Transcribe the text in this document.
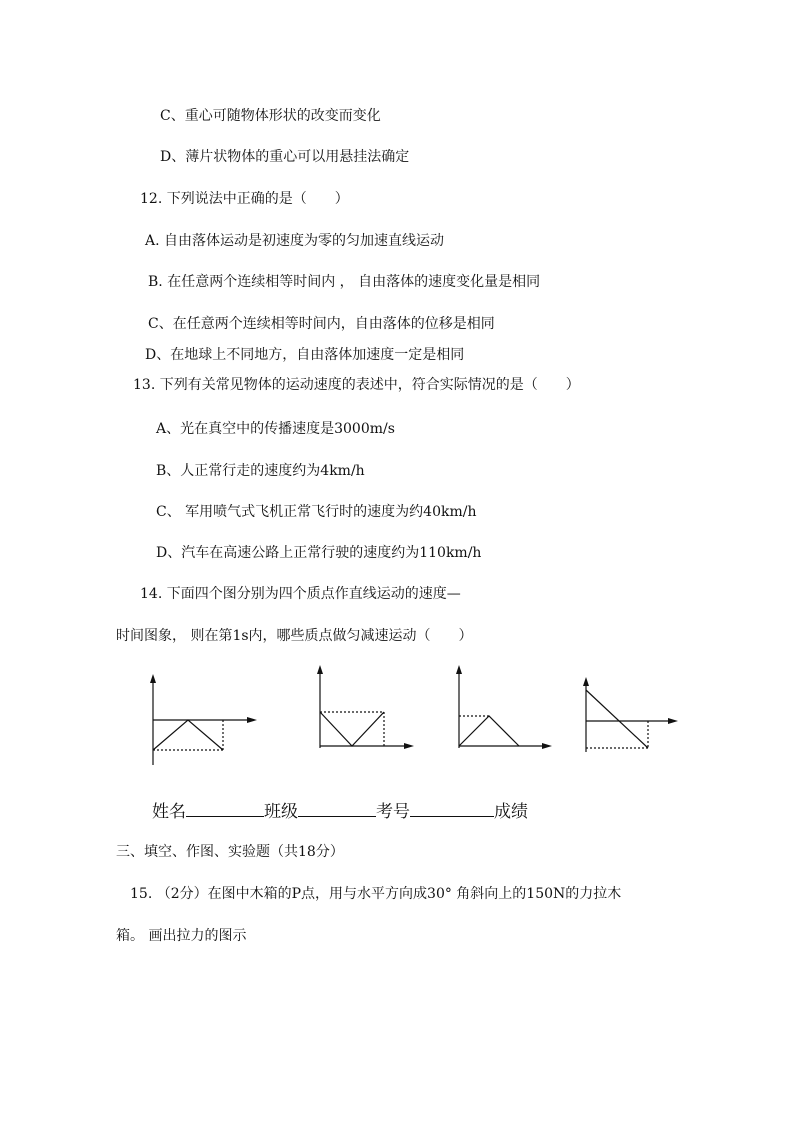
C、重心可随物体形状的改变而变化
D、薄片状物体的重心可以用悬挂法确定
12. 下列说法中正确的是（　　）
A. 自由落体运动是初速度为零的匀加速直线运动
B. 在任意两个连续相等时间内 ， 自由落体的速度变化量是相同
C、在任意两个连续相等时间内，自由落体的位移是相同
D、在地球上不同地方，自由落体加速度一定是相同
13. 下列有关常见物体的运动速度的表述中，符合实际情况的是（　　）
A、光在真空中的传播速度是3000m/s
B、人正常行走的速度约为4km/h
C、 军用喷气式飞机正常飞行时的速度为约40km/h
D、汽车在高速公路上正常行驶的速度约为110km/h
14. 下面四个图分别为四个质点作直线运动的速度—
时间图象， 则在第1s内，哪些质点做匀减速运动（　　）
姓名	班级	考号	成绩
三、填空、作图、实验题（共18分）
15. （2分）在图中木箱的P点，用与水平方向成30° 角斜向上的150N的力拉木
箱。 画出拉力的图示
